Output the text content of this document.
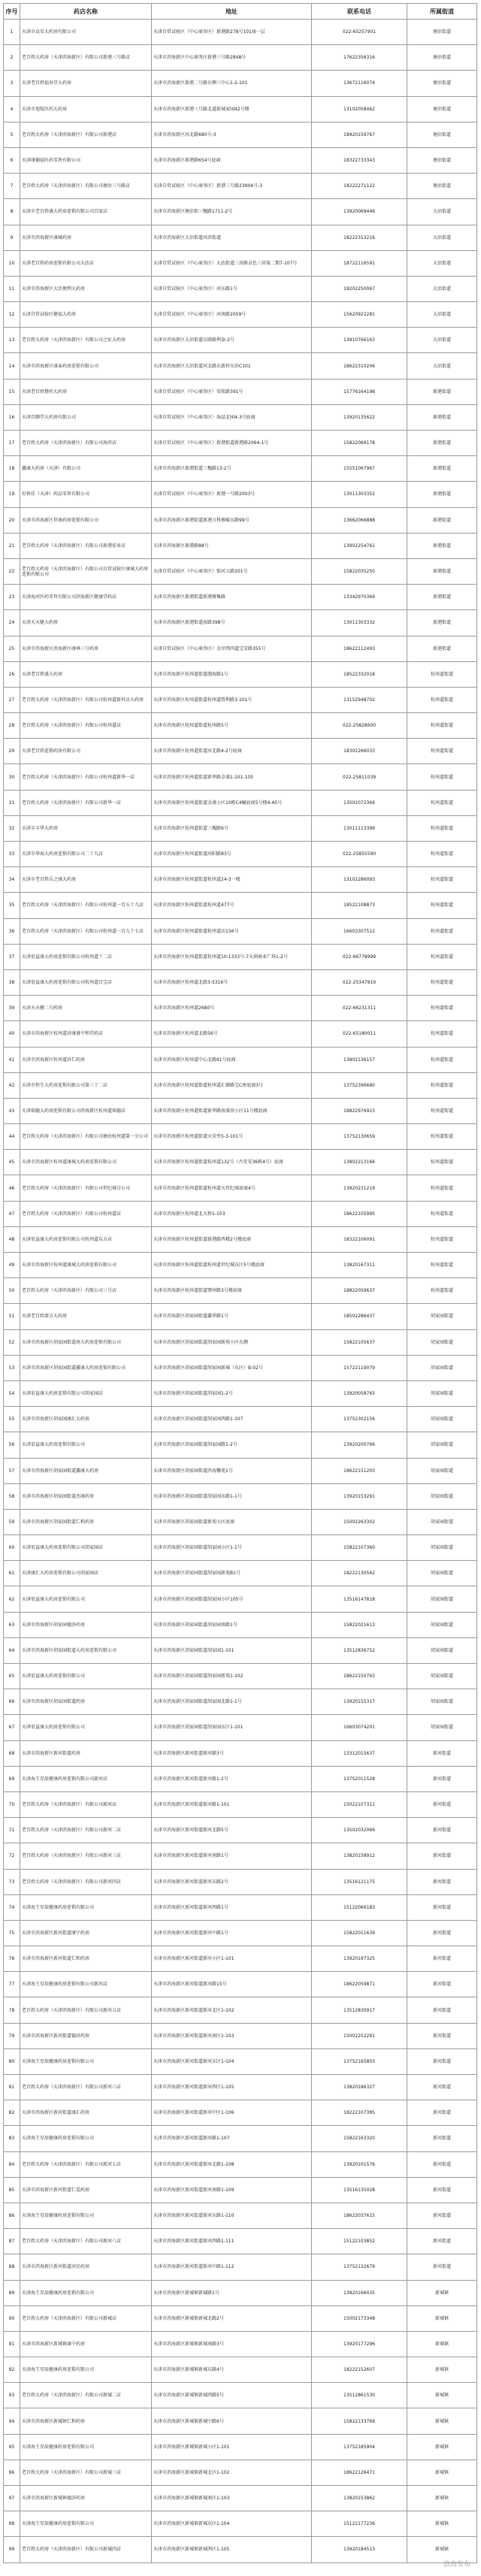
序号	药店名称	地址	联系电话	所属街道
1	天津市众安大药房有限公司	天津自贸试验区（中心商务区）新港路278号101商一层	022-65257901	塘沽街道
2	老百姓大药房（天津滨海新区）有限公司新港三号路店	天津市滨海新区中心商务区新港三号路2848号	17622356316	塘沽街道
3	天津老百姓福寿堂大药房	天津市滨海新区新港二号路东侧三中心1-2-101	13672116074	塘沽街道
4	天津市旭航医药大药房	天津市滨海新区新港三号路北道新城家园42号楼	13102058462	塘沽街道
5	老百姓大药房（天津滨海新区）有限公司新港店	天津市滨海新区河北路680号-3	18920159767	塘沽街道
6	天津康德福医药零售有限公司	天津市滨海新区新港路654号底商	18322733343	塘沽街道
7	老百姓大药房（天津滨海新区）有限公司塘沽三号路店	天津自贸试验区（中心商务区）新港三号路23904号-3	18222271122	塘沽街道
8	天津市老百姓盛大药房连锁有限公司百厦店	天津市滨海新区塘沽街三槐路1711-2号	13920069446	大沽街道
9	天津市滨海新区康城药房	天津市滨海新区大沽街道河滨街道	18222313216	大沽街道
10	天津老百姓药房连锁有限公司大沽店	天津自贸试验区（中心商务区）大沽街道三居路金色三居第二期7-107号	18722116591	大沽街道
11	天津市滨海新区大沽便利大药房	天津自贸试验区（中心商务区）河东路1号	18202250067	大沽街道
12	天津自贸试验区健福大药房	天津自贸试验区（中心商务区）河南路2059号	15620922281	大沽街道
13	老百姓大药房（天津滨海新区）有限公司之征大药房	天津市滨海新区大沽街道东联路利泰-2号	13910766163	大沽街道
14	天津市滨海新区康泰药房连锁有限公司	天津市滨海新区大沽街道河北路东新村东沽C101	18622310206	大沽街道
15	天津老百姓楚药大药房	天津自贸试验区（中心商务区）安航路391号	15776164198	新港街道
16	天津百顺堂大药房有限公司	天津自贸试验区（中心商务区）海晶北园4-3号底商	13920135622	新港街道
17	老百姓大药房（天津滨海新区）有限公司海滨店	天津自贸试验区（中心商务区）新港街道新港路2064-1号	15822069178	新港街道
18	鑫康大药房（天津）有限公司	天津市滨海新区新港街道三槐路13-2号	15551067967	新港街道
19	好快佳（天津）药品零售有限公司	天津自贸试验区（中心商务区）新港一号路2003号	13011303352	新港街道
20	天津市滨海新区世康药房连锁有限公司	天津市滨海新区新港街道新港万科雅赋东路99号	13662066888	新港街道
21	老百姓大药房（天津滨海新区）有限公司新港宏业店	天津市滨海新区新港路88号	13902254761	新港街道
22	老百姓大药房（天津滨海新区）有限公司自贸试验区康城大药房连锁有限公司	天津自贸试验区（中心商务区）银河五路201号	15822035250	新港街道
23	天津海河医药零售有限公司滨海新区健康堂药店	天津市滨海新区新港街道新港雅集路	13342970369	新港街道
24	天津天天健大药房	天津市滨海新区新港街道海路398号	13011303332	新港街道
25	天津市滨海新区滨海新区康林三号药房	天津自贸试验区（中心商务区）金岸西四道宝安路355号	18622112493	新港街道
26	天津老百姓盛大药房	天津市滨海新区杭州道街道渤海路1号	18522332018	杭州道街道
27	老百姓大药房（天津滨海新区）有限公司杭州道新村店大药房	天津市滨海新区杭州道街道杭州道胜利路3-101号	13152948702	杭州道街道
28	老百姓大药房（天津滨海新区）有限公司杭州道店	天津市滨海新区杭州道街道杭州路5号	022-25828600	杭州道街道
29	天津老百姓连锁药房有限公司	天津市滨海新区杭州道街道河北路4-2号底商	18302266033	杭州道街道
30	老百姓大药房（天津滨海新区）有限公司杭州道新华一店	天津市滨海新区杭州道街道新华路金盛1-101-105	022-25811039	杭州道街道
31	老百姓大药房（天津滨海新区）有限公司新华一店	天津市滨海新区杭州道街道金盛小区10栋C4幢底商5号楼4-A5号	13502072369	杭州道街道
32	天津市丰华大药房	天津市滨海新区杭州道街道三槐路6号	13011113399	杭州道街道
33	天津市华海大药房连锁有限公司二十九店	天津市滨海新区杭州道街道河阳路83号	022-25855590	杭州道街道
34	天津市老百姓乐之康大药房	天津市滨海新区杭州道街道杭州道24-3一楼	13102286093	杭州道街道
35	老百姓大药房（天津滨海新区）有限公司杭州道一百五十九店	天津市滨海新区杭州道街道杭州道477号	18522108873	杭州道街道
36	老百姓大药房（天津滨海新区）有限公司杭州道一百九十七店	天津市滨海新区杭州道街道杭州道店156号	16603307512	杭州道街道
37	天津宏益康大药房连锁有限公司杭州道十二店	天津市滨海新区杭州道街道杭州道10-1333号-7天润商业广场1-2号	022-66778999	杭州道街道
38	天津宏益康大药房连锁有限公司杭州道百宝店	天津市滨海新区杭州道北路3-5316号	022-25347919	杭州道街道
39	天津天天健二号药房	天津市滨海新区杭州道2680号	022-66231311	杭州道街道
40	天津市滨海新区杭州道济康盛平和堂药店	天津市滨海新区杭州道北路56号	022-65180011	杭州道街道
41	天津市滨海新区杭州道济仁药房	天津市滨海新区杭州道中心北路91号底商	13802136157	杭州道街道
42	天津市恒生大药房连锁有限公司第三十二店	天津市滨海新区杭州道街道杭州道汇源路宝C座底商3号	13752396680	杭州道街道
43	天津瑞德大药房连锁有限公司滨海新区杭州道瑞德店	天津市滨海新区杭州道街道新华路海盛基小区11号楼底商	18822976923	杭州道街道
44	老百姓大药房（天津滨海新区）有限公司塘沽杭州道第一分公司	天津市滨海新区杭州道街道天荣里5-3-101号	13752130659	杭州道街道
45	天津市滨海新区杭州道康城大药房连锁有限公司	天津市滨海新区杭州道街道杭州道132号（古安安36栋4号）底商	13802213166	杭州道街道
46	老百姓大药房（天津滨海新区）有限公司世纪城分公司	天津市滨海新区杭州道街道杭州道天世纪城底商4号	13920231219	杭州道街道
47	老百姓大药房（天津滨海新区）有限公司杭州道店	天津市滨海新区杭州道北大桥1-103	18622105995	杭州道街道
48	天津宏益康大药房连锁有限公司杭州道东方店	天津市滨海新区杭州道街道新港路西楼2号楼底商	18322106091	杭州道街道
49	天津市滨海新区杭州道康城大药房连锁有限公司	天津市滨海新区杭州道街道杭州道世纪城东区5号楼底商	13820167311	杭州道街道
50	老百姓大药房（天津滨海新区）有限公司三号店	天津市滨海新区杭州道街道鄂州路3号楼底商	18822059637	杭州道街道
51	天津老百姓蒙方大药房	天津市滨海新区胡家园街道鑫华路1号	18502286437	胡家园街道
52	天津市滨海新区胡家园街道南大药房连锁有限公司	天津市滨海新区胡家园街道胡家园新苑小区东侧	15822105637	胡家园街道
53	天津市滨海新区胡家园街道鑫康大药房连锁有限公司	天津市滨海新区胡家园街道胡家园新城（东区）B-02号	15722119079	胡家园街道
54	天津宏益康大药房连锁有限公司胡家园店	天津市滨海新区胡家园街道胡家园1-2号	13920058765	胡家园街道
55	天津市滨海新区胡家园康汇大药房	天津市滨海新区胡家园街道胡家园西路1-107	13752302156	胡家园街道
56	天津宏益康大药房连锁有限公司	天津市滨海新区胡家园街道胡家园路1-2号	13920200766	胡家园街道
57	天津市滨海新区胡家园街道鑫康大药房	天津市滨海新区胡家园街道滨海馨苑1号	18622151203	胡家园街道
58	天津市滨海新区胡家园街道杰康药房	天津市滨海新区胡家园街道胡家园东路1-1号	13920153291	胡家园街道
59	天津市滨海新区胡家园街道仁和药房	天津市滨海新区胡家园街道新苑小区底商	15002263302	胡家园街道
60	天津宏益康大药房连锁有限公司胡家园店	天津市滨海新区胡家园街道胡家园小区1-1号	15822107360	胡家园街道
61	天津康汇大药房连锁有限公司胡家园店	天津市滨海新区胡家园街道胡家园新苑B1号	18222130562	胡家园街道
62	天津宏益康大药房连锁有限公司	天津市滨海新区胡家园街道胡家园小区105号	13516147818	胡家园街道
63	天津市滨海新区胡家园德济药房	天津市滨海新区胡家园街道胡家园南路1号	15822021613	胡家园街道
64	天津市滨海新区胡家园街道大药房连锁有限公司	天津市滨海新区胡家园街道胡家园1-101	13512836752	胡家园街道
65	天津宏益康大药房连锁有限公司	天津市滨海新区胡家园街道胡家园新苑1-102	18622150763	胡家园街道
66	天津市滨海新区胡家园街道药房	天津市滨海新区胡家园街道胡家园北路1-1号	13920155317	胡家园街道
67	天津宏益康大药房连锁有限公司	天津市滨海新区胡家园街道胡家园东区1-101	16603074201	胡家园街道
68	天津市滨海新区新河街道药房	天津市滨海新区新河街道新河路3号	13312015637	新河街道
69	天津海王星辰健康药房连锁有限公司新河店	天津市滨海新区新河街道新河路1-2号	13752011528	新河街道
70	老百姓大药房（天津滨海新区）有限公司新河店	天津市滨海新区新河街道新河路1-101	15022107311	新河街道
71	老百姓大药房（天津滨海新区）有限公司新河二店	天津市滨海新区新河街道新河北路5号	13502032066	新河街道
72	老百姓大药房（天津滨海新区）有限公司新河三店	天津市滨海新区新河街道新河南路1号	13820158912	新河街道
73	老百姓大药房（天津滨海新区）有限公司新河四店	天津市滨海新区新河街道新河东路2号	13516121175	新河街道
74	天津海王星辰健康药房连锁有限公司	天津市滨海新区新河街道新河西路1号	15122066183	新河街道
75	天津市滨海新区新河街道康宁药房	天津市滨海新区新河街道新河中路1号	15822011639	新河街道
76	天津市滨海新区新河街道仁和药房	天津市滨海新区新河街道新河小区1-101	13920197325	新河街道
77	天津海王星辰健康药房连锁有限公司新河店	天津市滨海新区新河街道新河路15号	18622059871	新河街道
78	老百姓大药房（天津滨海新区）有限公司新河五店	天津市滨海新区新河街道新河北区1-102	13512830917	新河街道
79	天津市滨海新区新河街道德济药房	天津市滨海新区新河街道新河南区1-103	15002252291	新河街道
80	天津海王星辰健康药房连锁有限公司	天津市滨海新区新河街道新河东区1-104	13752165803	新河街道
81	老百姓大药房（天津滨海新区）有限公司新河六店	天津市滨海新区新河街道新河西区1-105	13820186327	新河街道
82	天津市滨海新区新河街道康汇药房	天津市滨海新区新河街道新河中区1-106	18222107385	新河街道
83	天津海王星辰健康药房连锁有限公司	天津市滨海新区新河街道新河路1-107	15822163320	新河街道
84	老百姓大药房（天津滨海新区）有限公司新河七店	天津市滨海新区新河街道新河北路1-108	13920101576	新河街道
85	天津市滨海新区新河街道仁爱药房	天津市滨海新区新河街道新河南路1-109	13516135028	新河街道
86	天津海王星辰健康药房连锁有限公司	天津市滨海新区新河街道新河东路1-110	18622037615	新河街道
87	老百姓大药房（天津滨海新区）有限公司新河八店	天津市滨海新区新河街道新河西路1-111	15122103852	新河街道
88	天津市滨海新区新河街道济民药房	天津市滨海新区新河街道新河中路1-112	13752132679	新河街道
89	天津海王星辰健康药房连锁有限公司	天津市滨海新区新城镇新城路1号	13820166035	新城镇
90	老百姓大药房（天津滨海新区）有限公司新城店	天津市滨海新区新城镇新城北路2号	15002173348	新城镇
91	天津市滨海新区新城镇康宁药房	天津市滨海新区新城镇新城南路3号	13920177296	新城镇
92	天津海王星辰健康药房连锁有限公司	天津市滨海新区新城镇新城东路4号	18222152607	新城镇
93	老百姓大药房（天津滨海新区）有限公司新城二店	天津市滨海新区新城镇新城西路5号	13512861530	新城镇
94	天津市滨海新区新城镇仁和药房	天津市滨海新区新城镇新城中路6号	15822133769	新城镇
95	天津海王星辰健康药房连锁有限公司	天津市滨海新区新城镇新城小区1-101	13752185904	新城镇
96	老百姓大药房（天津滨海新区）有限公司新城三店	天津市滨海新区新城镇新城北区1-102	18622126471	新城镇
97	天津市滨海新区新城镇德济药房	天津市滨海新区新城镇新城南区1-103	13820153862	新城镇
98	天津海王星辰健康药房连锁有限公司	天津市滨海新区新城镇新城东区1-104	15122177236	新城镇
99	老百姓大药房（天津滨海新区）有限公司新城四店	天津市滨海新区新城镇新城西区1-105	13920184513	新城镇
滨海发布
